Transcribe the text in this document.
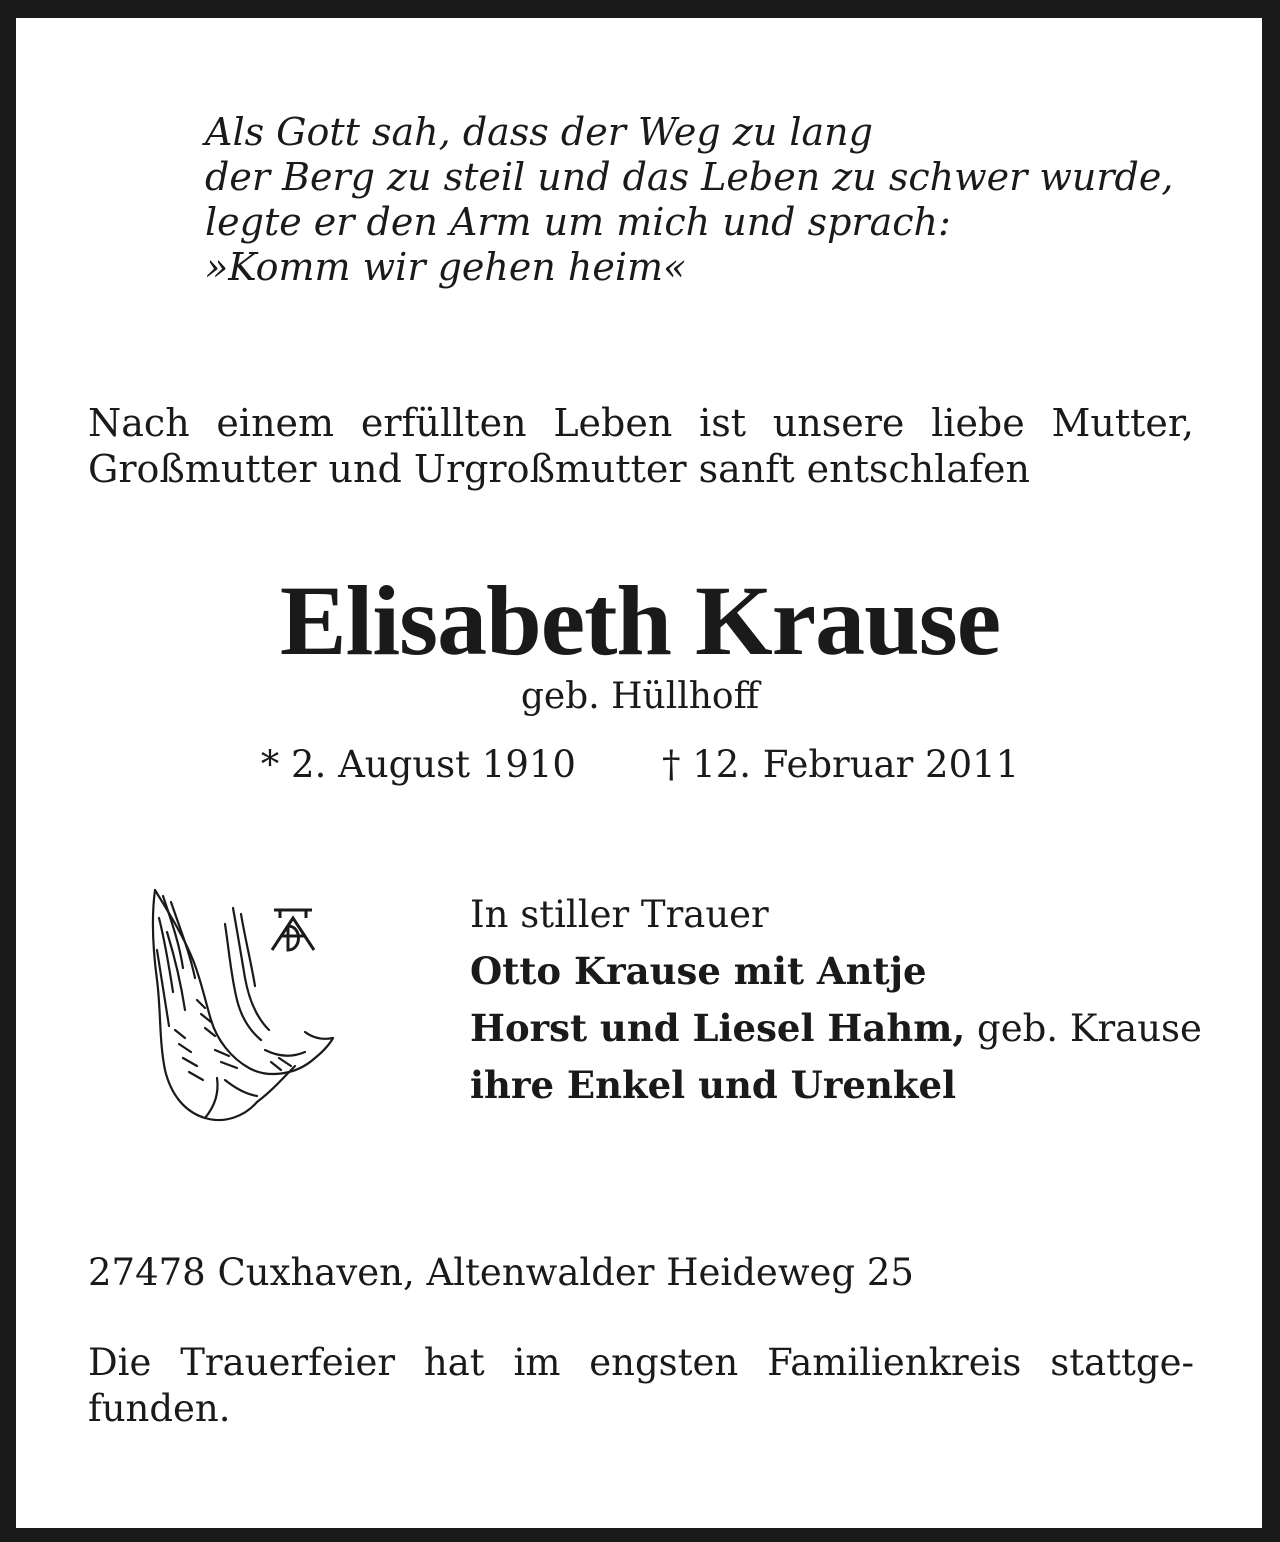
Als Gott sah, dass der Weg zu lang
der Berg zu steil und das Leben zu schwer wurde,
legte er den Arm um mich und sprach:
»Komm wir gehen heim«
Nach einem erfüllten Leben ist unsere liebe Mutter,
Großmutter und Urgroßmutter sanft entschlafen
Elisabeth Krause
geb. Hüllhoff
* 2. August 1910 † 12. Februar 2011
In stiller Trauer
Otto Krause mit Antje
Horst und Liesel Hahm, geb. Krause
ihre Enkel und Urenkel
27478 Cuxhaven, Altenwalder Heideweg 25
Die Trauerfeier hat im engsten Familienkreis stattge-
funden.
